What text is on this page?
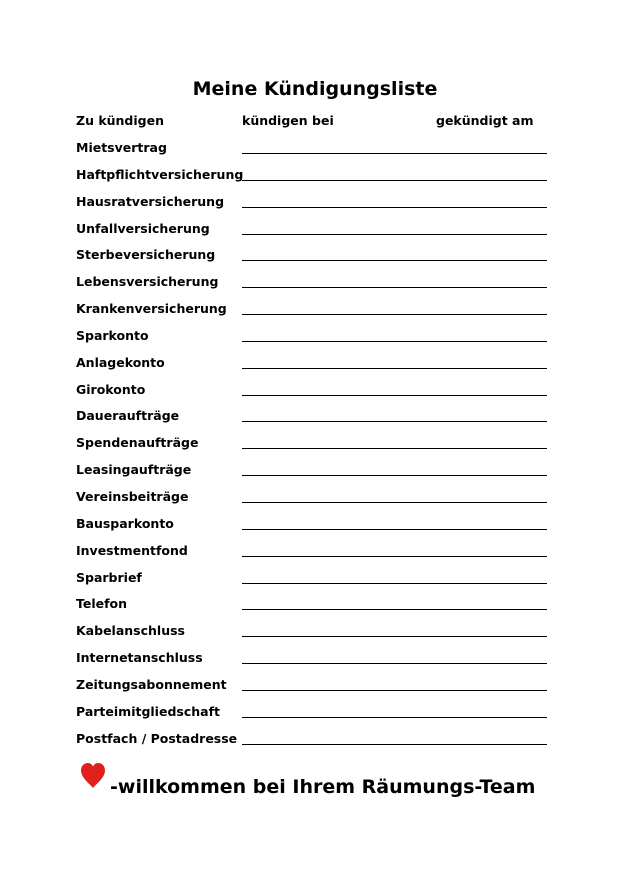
Meine Kündigungsliste
Zu kündigen	kündigen bei	gekündigt am
Mietsvertrag
Haftpflichtversicherung
Hausratversicherung
Unfallversicherung
Sterbeversicherung
Lebensversicherung
Krankenversicherung
Sparkonto
Anlagekonto
Girokonto
Daueraufträge
Spendenaufträge
Leasingaufträge
Vereinsbeiträge
Bausparkonto
Investmentfond
Sparbrief
Telefon
Kabelanschluss
Internetanschluss
Zeitungsabonnement
Parteimitgliedschaft
Postfach / Postadresse
-willkommen bei Ihrem Räumungs-Team
